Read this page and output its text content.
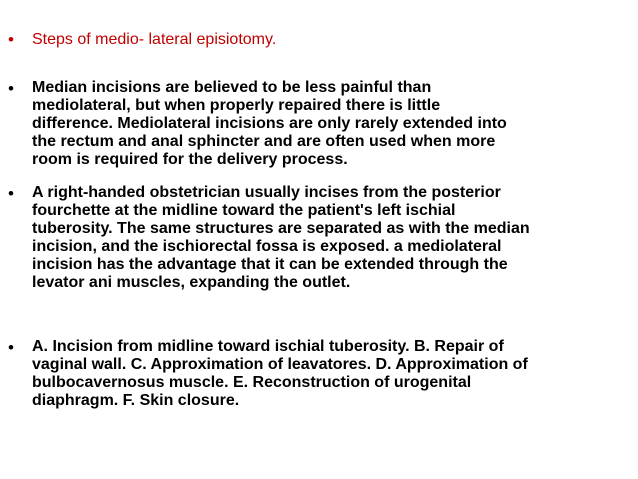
• Steps of medio- lateral episiotomy.
• Median incisions are believed to be less painful than
mediolateral, but when properly repaired there is little
difference. Mediolateral incisions are only rarely extended into
the rectum and anal sphincter and are often used when more
room is required for the delivery process.
• A right-handed obstetrician usually incises from the posterior
fourchette at the midline toward the patient's left ischial
tuberosity. The same structures are separated as with the median
incision, and the ischiorectal fossa is exposed. a mediolateral
incision has the advantage that it can be extended through the
levator ani muscles, expanding the outlet.
• A. Incision from midline toward ischial tuberosity. B. Repair of
vaginal wall. C. Approximation of leavatores. D. Approximation of
bulbocavernosus muscle. E. Reconstruction of urogenital
diaphragm. F. Skin closure.
